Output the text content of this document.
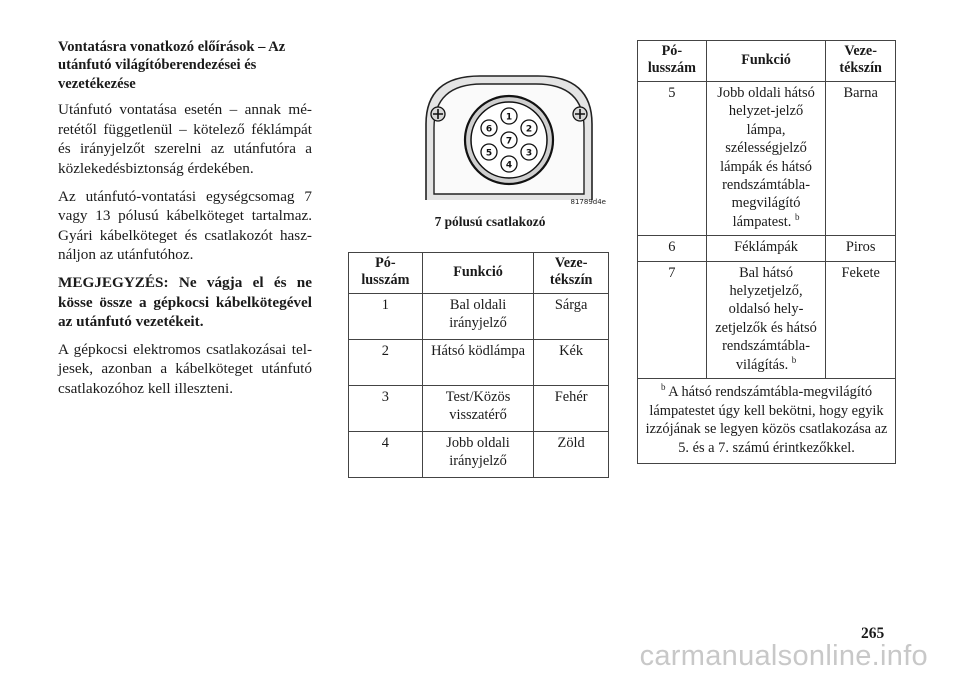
Vontatásra vonatkozó előírások – Az utánfutó világítóberendezései és vezetékezése

Utánfutó vontatása esetén – annak mé-retétől függetlenül – kötelező féklámpát és irányjelzőt szerelni az utánfutóra a közlekedésbiztonság érdekében.

Az utánfutó-vontatási egységcsomag 7 vagy 13 pólusú kábelköteget tartalmaz. Gyári kábelköteget és csatlakozót hasz-náljon az utánfutóhoz.

MEGJEGYZÉS: Ne vágja el és ne kösse össze a gépkocsi kábelkötegével az utánfutó vezetékeit.

A gépkocsi elektromos csatlakozásai tel-jesek, azonban a kábelköteget utánfutó csatlakozóhoz kell illeszteni.

1
2
3
4
5
6
7
81789d4e
7 pólusú csatlakozó
Pó-
lusszám	Funkció	Veze-
tékszín
1	Bal oldali irányjelző	Sárga
2	Hátsó ködlámpa	Kék
3	Test/Közös visszatérő	Fehér
4	Jobb oldali irányjelző	Zöld
Pó-
lusszám	Funkció	Veze-
tékszín
5	Jobb oldali hátsó helyzet-jelző lámpa, szélességjelző lámpák és hátsó rendszámtábla-megvilágító lámpatest. $^b$	Barna
6	Féklámpák	Piros
7	Bal hátsó helyzetjelző, oldalsó hely-zetjelzők és hátsó rendszámtábla-világítás. $^b$	Fekete
$^b$ A hátsó rendszámtábla-megvilágító lámpatestet úgy kell bekötni, hogy egyik izzójának se legyen közös csatlakozása az 5. és a 7. számú érintkezőkkel.		
265
carmanualsonline.info
